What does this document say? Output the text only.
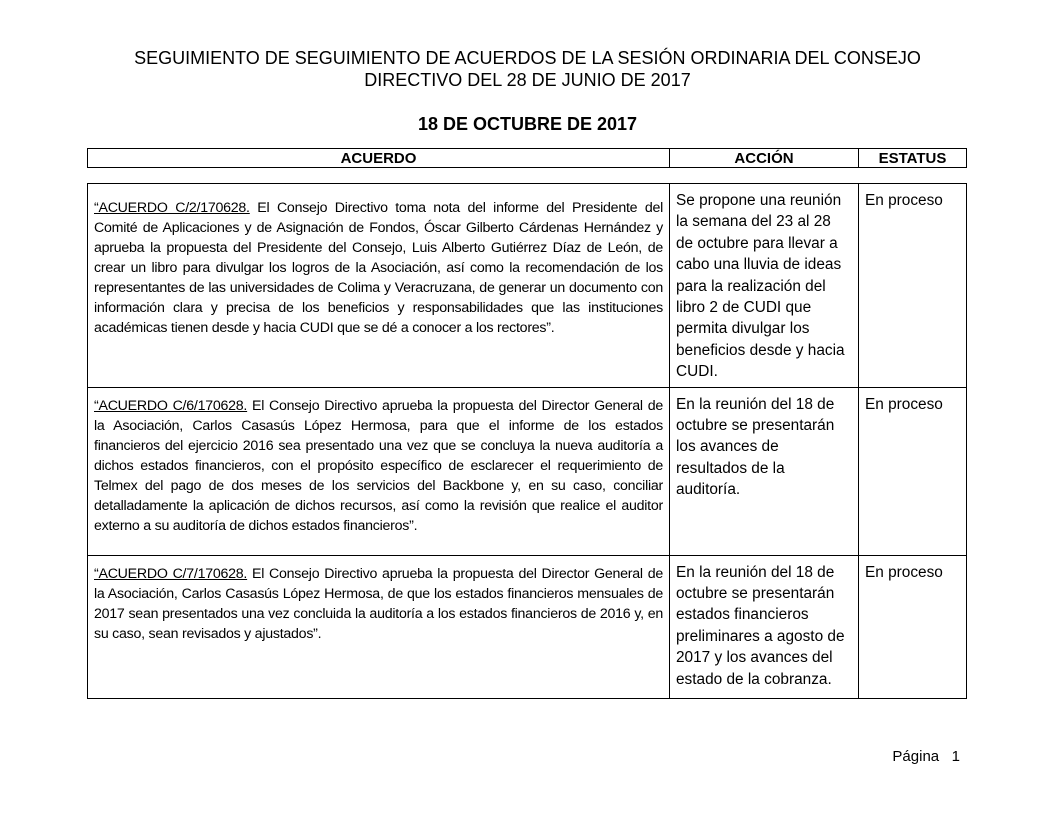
SEGUIMIENTO DE SEGUIMIENTO DE ACUERDOS DE LA SESIÓN ORDINARIA DEL CONSEJO
DIRECTIVO DEL 28 DE JUNIO DE 2017
18 DE OCTUBRE DE 2017
ACUERDO	ACCIÓN	ESTATUS
“ACUERDO C/2/170628. El Consejo Directivo toma nota del informe del Presidente del Comité de Aplicaciones y de Asignación de Fondos, Óscar Gilberto Cárdenas Hernández y aprueba la propuesta del Presidente del Consejo, Luis Alberto Gutiérrez Díaz de León, de crear un libro para divulgar los logros de la Asociación, así como la recomendación de los representantes de las universidades de Colima y Veracruzana, de generar un documento con información clara y precisa de los beneficios y responsabilidades que las instituciones académicas tienen desde y hacia CUDI que se dé a conocer a los rectores”.	Se propone una reunión la semana del 23 al 28 de octubre para llevar a cabo una lluvia de ideas para la realización del libro 2 de CUDI que permita divulgar los beneficios desde y hacia CUDI.	En proceso
“ACUERDO C/6/170628. El Consejo Directivo aprueba la propuesta del Director General de la Asociación, Carlos Casasús López Hermosa, para que el informe de los estados financieros del ejercicio 2016 sea presentado una vez que se concluya la nueva auditoría a dichos estados financieros, con el propósito específico de esclarecer el requerimiento de Telmex del pago de dos meses de los servicios del Backbone y, en su caso, conciliar detalladamente la aplicación de dichos recursos, así como la revisión que realice el auditor externo a su auditoría de dichos estados financieros”.	En la reunión del 18 de octubre se presentarán los avances de resultados de la auditoría.	En proceso
“ACUERDO C/7/170628. El Consejo Directivo aprueba la propuesta del Director General de la Asociación, Carlos Casasús López Hermosa, de que los estados financieros mensuales de 2017 sean presentados una vez concluida la auditoría a los estados financieros de 2016 y, en su caso, sean revisados y ajustados”.	En la reunión del 18 de octubre se presentarán estados financieros preliminares a agosto de 2017 y los avances del estado de la cobranza.	En proceso
Página 1
